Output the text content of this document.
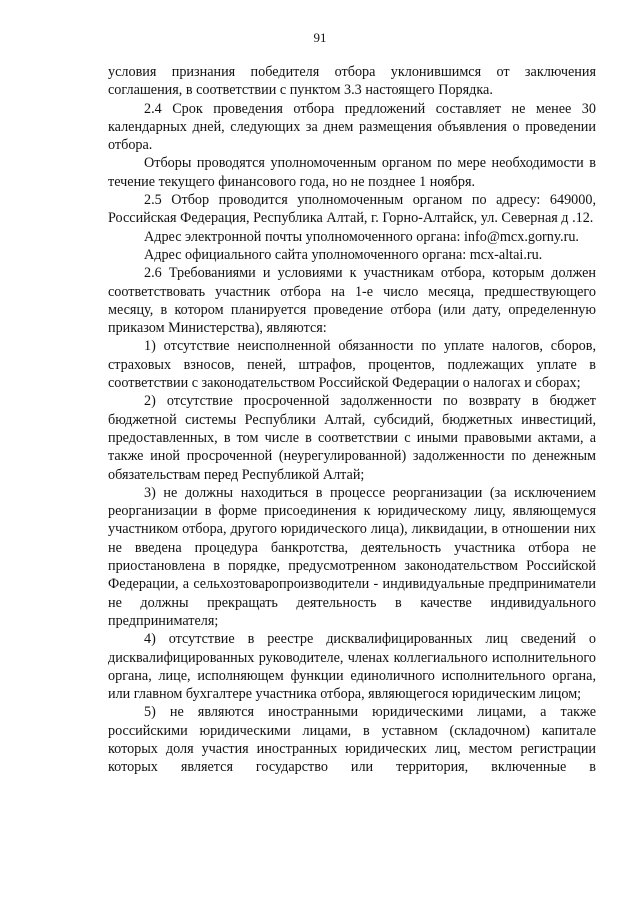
91

условия признания победителя отбора уклонившимся от заключения соглашения, в соответствии с пунктом 3.3 настоящего Порядка.

2.4 Срок проведения отбора предложений составляет не менее 30 календарных дней, следующих за днем размещения объявления о проведении отбора.

Отборы проводятся уполномоченным органом по мере необходимости в течение текущего финансового года, но не позднее 1 ноября.

2.5 Отбор проводится уполномоченным органом по адресу: 649000, Российская Федерация, Республика Алтай, г. Горно-Алтайск, ул. Северная д .12.

Адрес электронной почты уполномоченного органа: info@mcx.gorny.ru.

Адрес официального сайта уполномоченного органа: mcx-altai.ru.

2.6 Требованиями и условиями к участникам отбора, которым должен соответствовать участник отбора на 1-е число месяца, предшествующего месяцу, в котором планируется проведение отбора (или дату, определенную приказом Министерства), являются:

1) отсутствие неисполненной обязанности по уплате налогов, сборов, страховых взносов, пеней, штрафов, процентов, подлежащих уплате в соответствии с законодательством Российской Федерации о налогах и сборах;

2) отсутствие просроченной задолженности по возврату в бюджет бюджетной системы Республики Алтай, субсидий, бюджетных инвестиций, предоставленных, в том числе в соответствии с иными правовыми актами, а также иной просроченной (неурегулированной) задолженности по денежным обязательствам перед Республикой Алтай;

3) не должны находиться в процессе реорганизации (за исключением реорганизации в форме присоединения к юридическому лицу, являющемуся участником отбора, другого юридического лица), ликвидации, в отношении них не введена процедура банкротства, деятельность участника отбора не приостановлена в порядке, предусмотренном законодательством Российской Федерации, а сельхозтоваропроизводители - индивидуальные предприниматели не должны прекращать деятельность в качестве индивидуального предпринимателя;

4) отсутствие в реестре дисквалифицированных лиц сведений о дисквалифицированных руководителе, членах коллегиального исполнительного органа, лице, исполняющем функции единоличного исполнительного органа, или главном бухгалтере участника отбора, являющегося юридическим лицом;

5) не являются иностранными юридическими лицами, а также российскими юридическими лицами, в уставном (складочном) капитале которых доля участия иностранных юридических лиц, местом регистрации которых является государство или территория, включенные в
